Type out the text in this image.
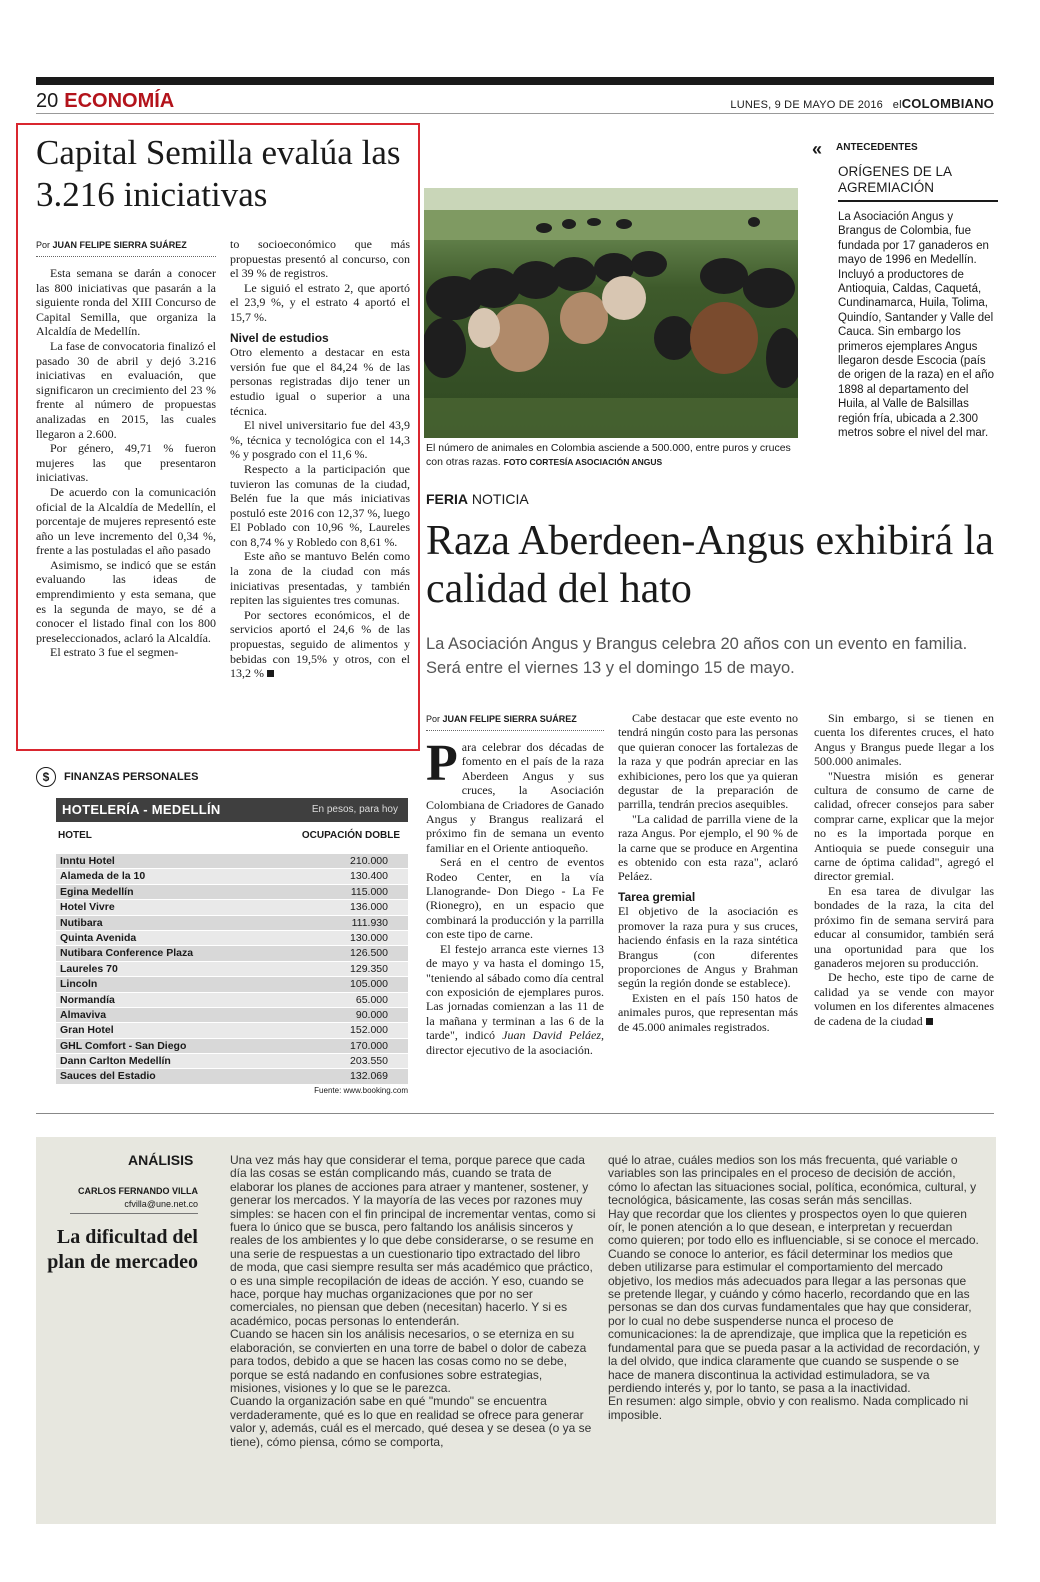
20 ECONOMÍA	LUNES, 9 DE MAYO DE 2016 elCOLOMBIANO
Capital Semilla evalúa las 3.216 iniciativas
Por JUAN FELIPE SIERRA SUÁREZ

Esta semana se darán a conocer las 800 iniciativas que pasarán a la siguiente ronda del XIII Concurso de Capital Semilla, que organiza la Alcaldía de Medellín.

La fase de convocatoria finalizó el pasado 30 de abril y dejó 3.216 iniciativas en evaluación, que significaron un crecimiento del 23 % frente al número de propuestas analizadas en 2015, las cuales llegaron a 2.600.

Por género, 49,71 % fueron mujeres las que presentaron iniciativas.

De acuerdo con la comunicación oficial de la Alcaldía de Medellín, el porcentaje de mujeres representó este año un leve incremento del 0,34 %, frente a las postuladas el año pasado

Asimismo, se indicó que se están evaluando las ideas de emprendimiento y esta semana, que es la segunda de mayo, se dé a conocer el listado final con los 800 preseleccionados, aclaró la Alcaldía.

El estrato 3 fue el segmen-

to socioeconómico que más propuestas presentó al concurso, con el 39 % de registros.

Le siguió el estrato 2, que aportó el 23,9 %, y el estrato 4 aportó el 15,7 %.

Nivel de estudios

Otro elemento a destacar en esta versión fue que el 84,24 % de las personas registradas dijo tener un estudio igual o superior a una técnica.

El nivel universitario fue del 43,9 %, técnica y tecnológica con el 14,3 % y posgrado con el 11,6 %.

Respecto a la participación que tuvieron las comunas de la ciudad, Belén fue la que más iniciativas postuló este 2016 con 12,37 %, luego El Poblado con 10,96 %, Laureles con 8,74 % y Robledo con 8,61 %.

Este año se mantuvo Belén como la zona de la ciudad con más iniciativas presentadas, y también repiten las siguientes tres comunas.

Por sectores económicos, el de servicios aportó el 24,6 % de las propuestas, seguido de alimentos y bebidas con 19,5% y otros, con el 13,2 %

$ FINANZAS PERSONALES
HOTELERÍA - MEDELLÍN	En pesos, para hoy
HOTEL	OCUPACIÓN DOBLE
Inntu Hotel	210.000
Alameda de la 10	130.400
Egina Medellín	115.000
Hotel Vivre	136.000
Nutibara	111.930
Quinta Avenida	130.000
Nutibara Conference Plaza	126.500
Laureles 70	129.350
Lincoln	105.000
Normandía	65.000
Almaviva	90.000
Gran Hotel	152.000
GHL Comfort - San Diego	170.000
Dann Carlton Medellín	203.550
Sauces del Estadio	132.069
Fuente: www.booking.com
El número de animales en Colombia asciende a 500.000, entre puros y cruces con otras razas. FOTO CORTESÍA ASOCIACIÓN ANGUS
« ANTECEDENTES
ORÍGENES DE LA AGREMIACIÓN
La Asociación Angus y Brangus de Colombia, fue fundada por 17 ganaderos en mayo de 1996 en Medellín. Incluyó a productores de Antioquia, Caldas, Caquetá, Cundinamarca, Huila, Tolima, Quindío, Santander y Valle del Cauca. Sin embargo los primeros ejemplares Angus llegaron desde Escocia (país de origen de la raza) en el año 1898 al departamento del Huila, al Valle de Balsillas región fría, ubicada a 2.300 metros sobre el nivel del mar.
FERIA NOTICIA
Raza Aberdeen-Angus exhibirá la calidad del hato
La Asociación Angus y Brangus celebra 20 años con un evento en familia. Será entre el viernes 13 y el domingo 15 de mayo.
Por JUAN FELIPE SIERRA SUÁREZ

Para celebrar dos décadas de fomento en el país de la raza Aberdeen Angus y sus cruces, la Asociación Colombiana de Criadores de Ganado Angus y Brangus realizará el próximo fin de semana un evento familiar en el Oriente antioqueño.

Será en el centro de eventos Rodeo Center, en la vía Llanogrande- Don Diego - La Fe (Rionegro), en un espacio que combinará la producción y la parrilla con este tipo de carne.

El festejo arranca este viernes 13 de mayo y va hasta el domingo 15, "teniendo al sábado como día central con exposición de ejemplares puros. Las jornadas comienzan a las 11 de la mañana y terminan a las 6 de la tarde", indicó Juan David Peláez, director ejecutivo de la asociación.

Cabe destacar que este evento no tendrá ningún costo para las personas que quieran conocer las fortalezas de la raza y que podrán apreciar en las exhibiciones, pero los que ya quieran degustar de la preparación de parrilla, tendrán precios asequibles.

"La calidad de parrilla viene de la raza Angus. Por ejemplo, el 90 % de la carne que se produce en Argentina es obtenido con esta raza", aclaró Peláez.

Tarea gremial

El objetivo de la asociación es promover la raza pura y sus cruces, haciendo énfasis en la raza sintética Brangus (con diferentes proporciones de Angus y Brahman según la región donde se establece).

Existen en el país 150 hatos de animales puros, que representan más de 45.000 animales registrados.

Sin embargo, si se tienen en cuenta los diferentes cruces, el hato Angus y Brangus puede llegar a los 500.000 animales.

"Nuestra misión es generar cultura de consumo de carne de calidad, ofrecer consejos para saber comprar carne, explicar que la mejor no es la importada porque en Antioquia se puede conseguir una carne de óptima calidad", agregó el director gremial.

En esa tarea de divulgar las bondades de la raza, la cita del próximo fin de semana servirá para educar al consumidor, también será una oportunidad para que los ganaderos mejoren su producción.

De hecho, este tipo de carne de calidad ya se vende con mayor volumen en los diferentes almacenes de cadena de la ciudad

ANÁLISIS
CARLOS FERNANDO VILLA
cfvilla@une.net.co
La dificultad del plan de mercadeo

Una vez más hay que considerar el tema, porque parece que cada día las cosas se están complicando más, cuando se trata de elaborar los planes de acciones para atraer y mantener, sostener, y generar los mercados. Y la mayoría de las veces por razones muy simples: se hacen con el fin principal de incrementar ventas, como si fuera lo único que se busca, pero faltando los análisis sinceros y reales de los ambientes y lo que debe considerarse, o se resume en una serie de respuestas a un cuestionario tipo extractado del libro de moda, que casi siempre resulta ser más académico que práctico, o es una simple recopilación de ideas de acción. Y eso, cuando se hace, porque hay muchas organizaciones que por no ser comerciales, no piensan que deben (necesitan) hacerlo. Y si es académico, pocas personas lo entenderán.

Cuando se hacen sin los análisis necesarios, o se eterniza en su elaboración, se convierten en una torre de babel o dolor de cabeza para todos, debido a que se hacen las cosas como no se debe, porque se está nadando en confusiones sobre estrategias, misiones, visiones y lo que se le parezca.

Cuando la organización sabe en qué "mundo" se encuentra verdaderamente, qué es lo que en realidad se ofrece para generar valor y, además, cuál es el mercado, qué desea y se desea (o ya se tiene), cómo piensa, cómo se comporta,

qué lo atrae, cuáles medios son los más frecuenta, qué variable o variables son las principales en el proceso de decisión de acción, cómo lo afectan las situaciones social, política, económica, cultural, y tecnológica, básicamente, las cosas serán más sencillas.

Hay que recordar que los clientes y prospectos oyen lo que quieren oír, le ponen atención a lo que desean, e interpretan y recuerdan como quieren; por todo ello es influenciable, si se conoce el mercado.

Cuando se conoce lo anterior, es fácil determinar los medios que deben utilizarse para estimular el comportamiento del mercado objetivo, los medios más adecuados para llegar a las personas que se pretende llegar, y cuándo y cómo hacerlo, recordando que en las personas se dan dos curvas fundamentales que hay que considerar, por lo cual no debe suspenderse nunca el proceso de comunicaciones: la de aprendizaje, que implica que la repetición es fundamental para que se pueda pasar a la actividad de recordación, y la del olvido, que indica claramente que cuando se suspende o se hace de manera discontinua la actividad estimuladora, se va perdiendo interés y, por lo tanto, se pasa a la inactividad.

En resumen: algo simple, obvio y con realismo. Nada complicado ni imposible.
